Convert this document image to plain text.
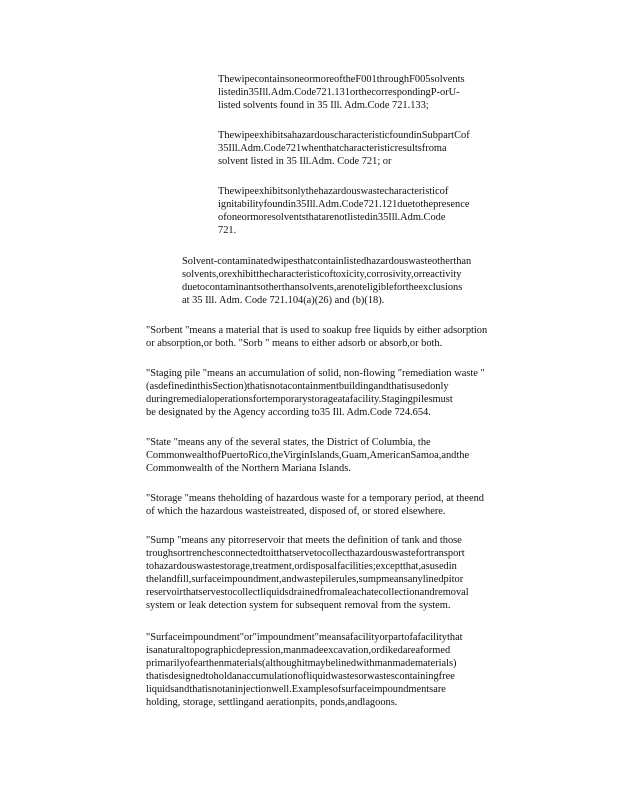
ThewipecontainsoneormoreoftheF001throughF005solvents
listedin35Ill.Adm.Code721.131orthecorrespondingP-orU-
listed solvents found in 35 Ill. Adm.Code 721.133;
ThewipeexhibitsahazardouscharacteristicfoundinSubpartCof
35Ill.Adm.Code721whenthatcharacteristicresultsfroma
solvent listed in 35 Ill.Adm. Code 721; or
Thewipeexhibitsonlythehazardouswastecharacteristicof
ignitabilityfoundin35Ill.Adm.Code721.121duetothepresence
ofoneormoresolventsthatarenotlistedin35Ill.Adm.Code
721.
Solvent-contaminatedwipesthatcontainlistedhazardouswasteotherthan
solvents,orexhibitthecharacteristicoftoxicity,corrosivity,orreactivity
duetocontaminantsotherthansolvents,arenoteligiblefortheexclusions
at 35 Ill. Adm. Code 721.104(a)(26) and (b)(18).
"Sorbent "means a material that is used to soakup free liquids by either adsorption
or absorption,or both. "Sorb " means to either adsorb or absorb,or both.
"Staging pile "means an accumulation of solid, non-flowing "remediation waste "
(asdefinedinthisSection)thatisnotacontainmentbuildingandthatisusedonly
duringremedialoperationsfortemporarystorageatafacility.Stagingpilesmust
be designated by the Agency according to35 Ill. Adm.Code 724.654.
"State "means any of the several states, the District of Columbia, the
CommonwealthofPuertoRico,theVirginIslands,Guam,AmericanSamoa,andthe
Commonwealth of the Northern Mariana Islands.
"Storage "means theholding of hazardous waste for a temporary period, at theend
of which the hazardous wasteistreated, disposed of, or stored elsewhere.
"Sump "means any pitorreservoir that meets the definition of tank and those
troughsortrenchesconnectedtoitthatservetocollecthazardouswastefortransport
tohazardouswastestorage,treatment,ordisposalfacilities;exceptthat,asusedin
thelandfill,surfaceimpoundment,andwastepilerules,sumpmeansanylinedpitor
reservoirthatservestocollectliquidsdrainedfromaleachatecollectionandremoval
system or leak detection system for subsequent removal from the system.
"Surfaceimpoundment"or"impoundment"meansafacilityorpartofafacilitythat
isanaturaltopographicdepression,manmadeexcavation,ordikedareaformed
primarilyofearthenmaterials(althoughitmaybelinedwithmanmadematerials)
thatisdesignedtoholdanaccumulationofliquidwastesorwastescontainingfree
liquidsandthatisnotaninjectionwell.Examplesofsurfaceimpoundmentsare
holding, storage, settlingand aerationpits, ponds,andlagoons.
